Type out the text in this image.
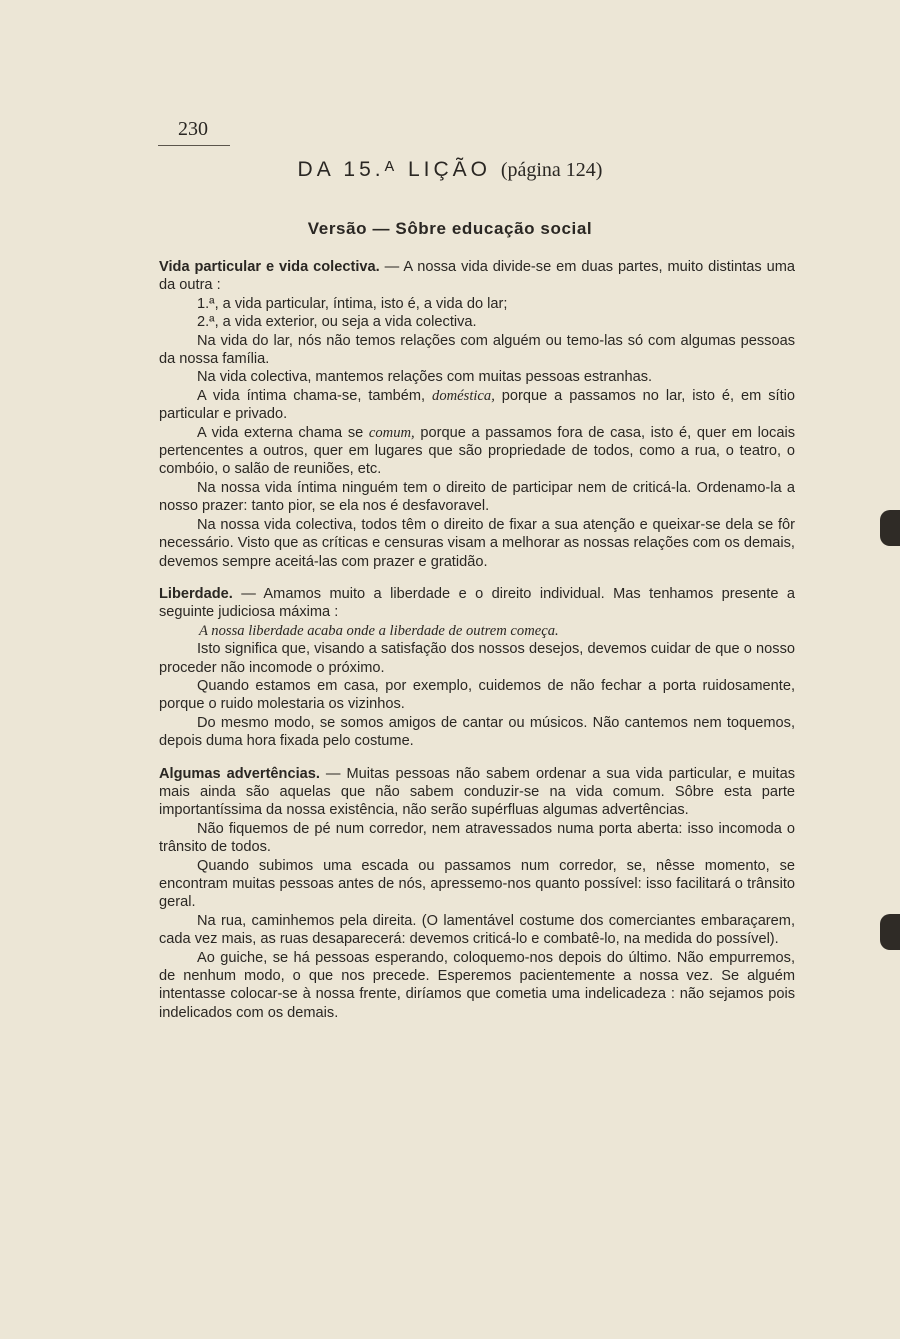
230
DA 15.ᴬ LIÇÃO (página 124)
Versão — Sôbre educação social

Vida particular e vida colectiva. — A nossa vida divide-se em duas partes, muito distintas uma da outra :

1.ª, a vida particular, íntima, isto é, a vida do lar;

2.ª, a vida exterior, ou seja a vida colectiva.

Na vida do lar, nós não temos relações com alguém ou temo-las só com algumas pessoas da nossa família.

Na vida colectiva, mantemos relações com muitas pessoas estranhas.

A vida íntima chama-se, também, doméstica, porque a passamos no lar, isto é, em sítio particular e privado.

A vida externa chama se comum, porque a passamos fora de casa, isto é, quer em locais pertencentes a outros, quer em lugares que são propriedade de todos, como a rua, o teatro, o combóio, o salão de reuniões, etc.

Na nossa vida íntima ninguém tem o direito de participar nem de criticá-la. Ordenamo-la a nosso prazer: tanto pior, se ela nos é desfavoravel.

Na nossa vida colectiva, todos têm o direito de fixar a sua atenção e queixar-se dela se fôr necessário. Visto que as críticas e censuras visam a melhorar as nossas relações com os demais, devemos sempre aceitá-las com prazer e gratidão.

Liberdade. — Amamos muito a liberdade e o direito individual. Mas tenhamos presente a seguinte judiciosa máxima :

A nossa liberdade acaba onde a liberdade de outrem começa.

Isto significa que, visando a satisfação dos nossos desejos, devemos cuidar de que o nosso proceder não incomode o próximo.

Quando estamos em casa, por exemplo, cuidemos de não fechar a porta ruidosamente, porque o ruido molestaria os vizinhos.

Do mesmo modo, se somos amigos de cantar ou músicos. Não cantemos nem toquemos, depois duma hora fixada pelo costume.

Algumas advertências. — Muitas pessoas não sabem ordenar a sua vida particular, e muitas mais ainda são aquelas que não sabem conduzir-se na vida comum. Sôbre esta parte importantíssima da nossa existência, não serão supérfluas algumas advertências.

Não fiquemos de pé num corredor, nem atravessados numa porta aberta: isso incomoda o trânsito de todos.

Quando subimos uma escada ou passamos num corredor, se, nêsse momento, se encontram muitas pessoas antes de nós, apressemo-nos quanto possível: isso facilitará o trânsito geral.

Na rua, caminhemos pela direita. (O lamentável costume dos comerciantes embaraçarem, cada vez mais, as ruas desaparecerá: devemos criticá-lo e combatê-lo, na medida do possível).

Ao guiche, se há pessoas esperando, coloquemo-nos depois do último. Não empurremos, de nenhum modo, o que nos precede. Esperemos pacientemente a nossa vez. Se alguém intentasse colocar-se à nossa frente, diríamos que cometia uma indelicadeza : não sejamos pois indelicados com os demais.
